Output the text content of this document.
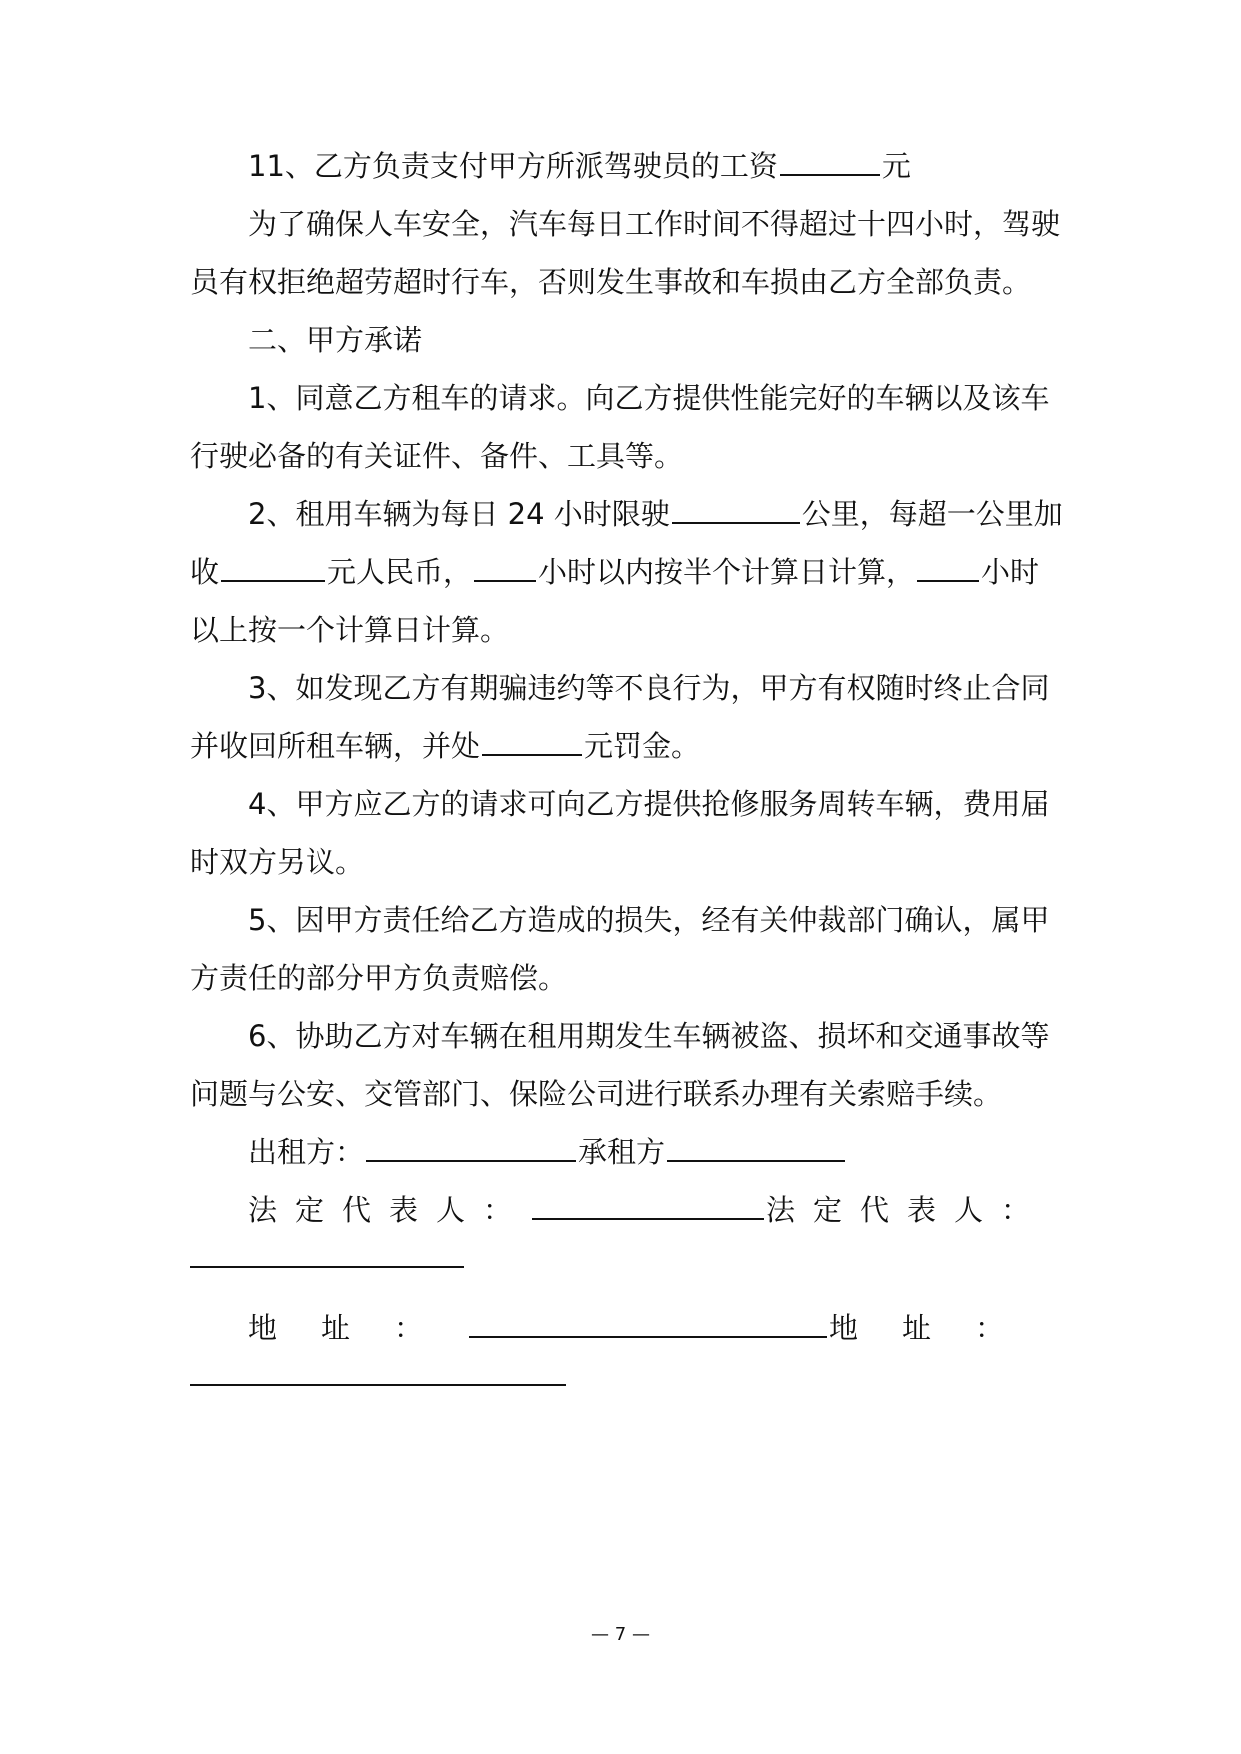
11、乙方负责支付甲方所派驾驶员的工资	元
为了确保人车安全，汽车每日工作时间不得超过十四小时，驾驶
员有权拒绝超劳超时行车，否则发生事故和车损由乙方全部负责。
二、甲方承诺
1、同意乙方租车的请求。向乙方提供性能完好的车辆以及该车
行驶必备的有关证件、备件、工具等。
2、租用车辆为每日 24 小时限驶	公里，每超一公里加
收	元人民币， 小时以内按半个计算日计算， 小时
以上按一个计算日计算。
3、如发现乙方有期骗违约等不良行为，甲方有权随时终止合同
并收回所租车辆，并处	元罚金。
4、甲方应乙方的请求可向乙方提供抢修服务周转车辆，费用届
时双方另议。
5、因甲方责任给乙方造成的损失，经有关仲裁部门确认，属甲
方责任的部分甲方负责赔偿。
6、协助乙方对车辆在租用期发生车辆被盗、损坏和交通事故等
问题与公安、交管部门、保险公司进行联系办理有关索赔手续。
出租方：	承租方
法定代表人：	法定代表人：
地址：	地址：
— 7 —
